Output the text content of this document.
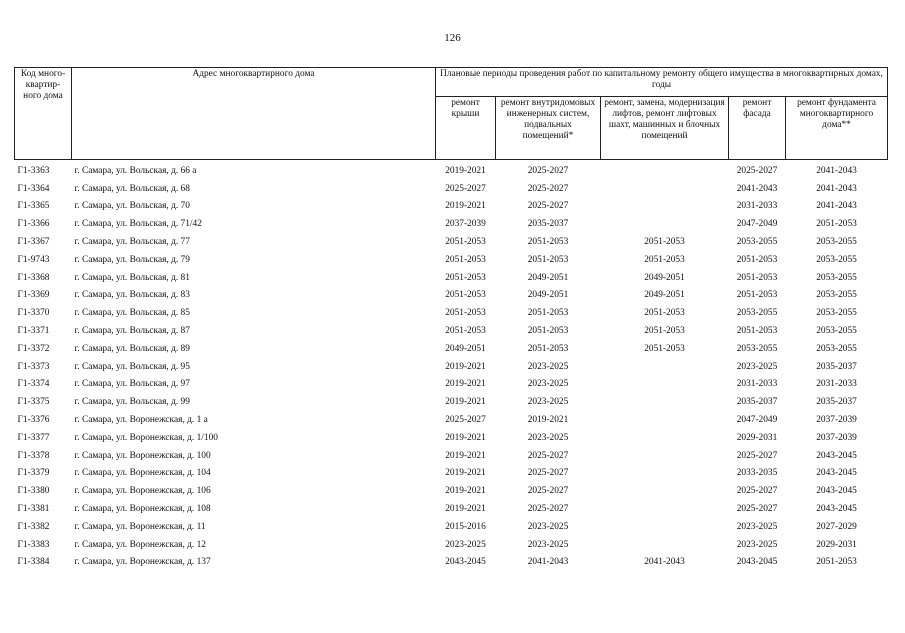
126
Код много-квартир-ного дома	Адрес многоквартирного дома	Плановые периоды проведения работ по капитальному ремонту общего имущества в многоквартирных домах, годы				
		ремонт крыши	ремонт внутридомовых инженерных систем, подвальных помещений*	ремонт, замена, модернизация лифтов, ремонт лифтовых шахт, машинных и блочных помещений	ремонт фасада	ремонт фундамента многоквартирного дома**
Г1-3363	г. Самара, ул. Вольская, д. 66 а	2019-2021	2025-2027		2025-2027	2041-2043
Г1-3364	г. Самара, ул. Вольская, д. 68	2025-2027	2025-2027		2041-2043	2041-2043
Г1-3365	г. Самара, ул. Вольская, д. 70	2019-2021	2025-2027		2031-2033	2041-2043
Г1-3366	г. Самара, ул. Вольская, д. 71/42	2037-2039	2035-2037		2047-2049	2051-2053
Г1-3367	г. Самара, ул. Вольская, д. 77	2051-2053	2051-2053	2051-2053	2053-2055	2053-2055
Г1-9743	г. Самара, ул. Вольская, д. 79	2051-2053	2051-2053	2051-2053	2051-2053	2053-2055
Г1-3368	г. Самара, ул. Вольская, д. 81	2051-2053	2049-2051	2049-2051	2051-2053	2053-2055
Г1-3369	г. Самара, ул. Вольская, д. 83	2051-2053	2049-2051	2049-2051	2051-2053	2053-2055
Г1-3370	г. Самара, ул. Вольская, д. 85	2051-2053	2051-2053	2051-2053	2053-2055	2053-2055
Г1-3371	г. Самара, ул. Вольская, д. 87	2051-2053	2051-2053	2051-2053	2051-2053	2053-2055
Г1-3372	г. Самара, ул. Вольская, д. 89	2049-2051	2051-2053	2051-2053	2053-2055	2053-2055
Г1-3373	г. Самара, ул. Вольская, д. 95	2019-2021	2023-2025		2023-2025	2035-2037
Г1-3374	г. Самара, ул. Вольская, д. 97	2019-2021	2023-2025		2031-2033	2031-2033
Г1-3375	г. Самара, ул. Вольская, д. 99	2019-2021	2023-2025		2035-2037	2035-2037
Г1-3376	г. Самара, ул. Воронежская, д. 1 а	2025-2027	2019-2021		2047-2049	2037-2039
Г1-3377	г. Самара, ул. Воронежская, д. 1/100	2019-2021	2023-2025		2029-2031	2037-2039
Г1-3378	г. Самара, ул. Воронежская, д. 100	2019-2021	2025-2027		2025-2027	2043-2045
Г1-3379	г. Самара, ул. Воронежская, д. 104	2019-2021	2025-2027		2033-2035	2043-2045
Г1-3380	г. Самара, ул. Воронежская, д. 106	2019-2021	2025-2027		2025-2027	2043-2045
Г1-3381	г. Самара, ул. Воронежская, д. 108	2019-2021	2025-2027		2025-2027	2043-2045
Г1-3382	г. Самара, ул. Воронежская, д. 11	2015-2016	2023-2025		2023-2025	2027-2029
Г1-3383	г. Самара, ул. Воронежская, д. 12	2023-2025	2023-2025		2023-2025	2029-2031
Г1-3384	г. Самара, ул. Воронежская, д. 137	2043-2045	2041-2043	2041-2043	2043-2045	2051-2053
